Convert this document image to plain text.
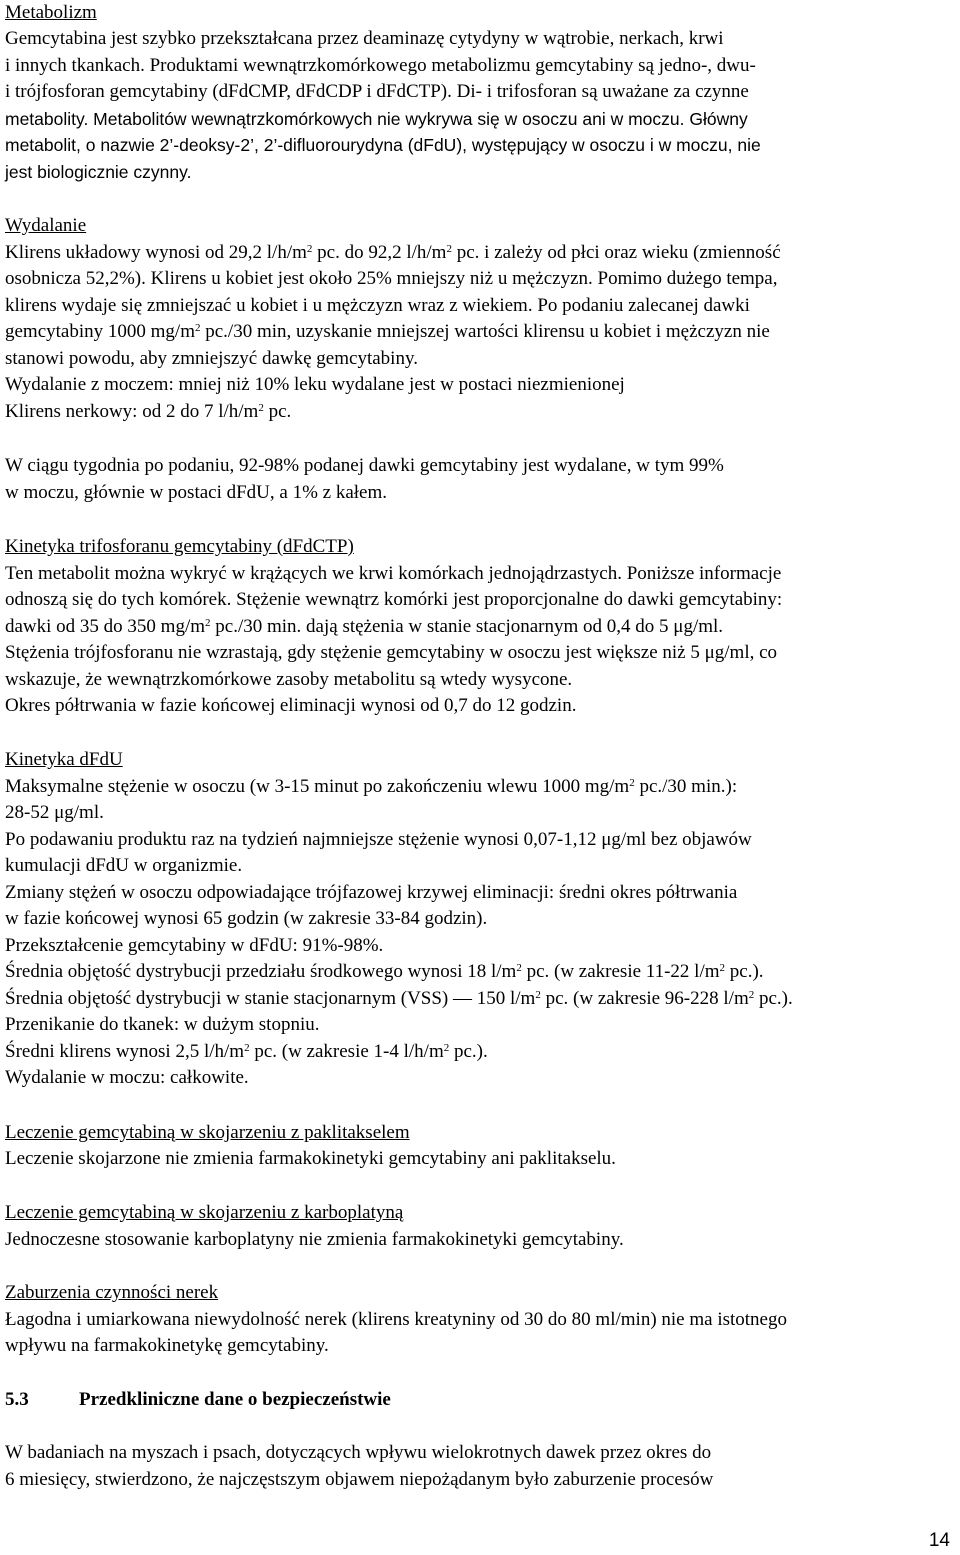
Metabolizm
Gemcytabina jest szybko przekształcana przez deaminazę cytydyny w wątrobie, nerkach, krwi
i innych tkankach. Produktami wewnątrzkomórkowego metabolizmu gemcytabiny są jedno-, dwu-
i trójfosforan gemcytabiny (dFdCMP, dFdCDP i dFdCTP). Di- i trifosforan są uważane za czynne
metabolity. Metabolitów wewnątrzkomórkowych nie wykrywa się w osoczu ani w moczu. Główny
metabolit, o nazwie 2’-deoksy-2’, 2’-difluorourydyna (dFdU), występujący w osoczu i w moczu, nie
jest biologicznie czynny.
Wydalanie
Klirens układowy wynosi od 29,2 $l/h/m^2$ pc. do 92,2 $l/h/m^2$ pc. i zależy od płci oraz wieku (zmienność
osobnicza 52,2%). Klirens u kobiet jest około 25% mniejszy niż u mężczyzn. Pomimo dużego tempa,
klirens wydaje się zmniejszać u kobiet i u mężczyzn wraz z wiekiem. Po podaniu zalecanej dawki
gemcytabiny 1000 $mg/m^2$ pc./30 min, uzyskanie mniejszej wartości klirensu u kobiet i mężczyzn nie
stanowi powodu, aby zmniejszyć dawkę gemcytabiny.
Wydalanie z moczem: mniej niż 10% leku wydalane jest w postaci niezmienionej
Klirens nerkowy: od 2 do 7 $l/h/m^2$ pc.
W ciągu tygodnia po podaniu, 92-98% podanej dawki gemcytabiny jest wydalane, w tym 99%
w moczu, głównie w postaci dFdU, a 1% z kałem.
Kinetyka trifosforanu gemcytabiny (dFdCTP)
Ten metabolit można wykryć w krążących we krwi komórkach jednojądrzastych. Poniższe informacje
odnoszą się do tych komórek. Stężenie wewnątrz komórki jest proporcjonalne do dawki gemcytabiny:
dawki od 35 do 350 $mg/m^2$ pc./30 min. dają stężenia w stanie stacjonarnym od 0,4 do 5 μg/ml.
Stężenia trójfosforanu nie wzrastają, gdy stężenie gemcytabiny w osoczu jest większe niż 5 μg/ml, co
wskazuje, że wewnątrzkomórkowe zasoby metabolitu są wtedy wysycone.
Okres półtrwania w fazie końcowej eliminacji wynosi od 0,7 do 12 godzin.
Kinetyka dFdU
Maksymalne stężenie w osoczu (w 3-15 minut po zakończeniu wlewu 1000 $mg/m^2$ pc./30 min.):
28-52 μg/ml.
Po podawaniu produktu raz na tydzień najmniejsze stężenie wynosi 0,07-1,12 μg/ml bez objawów
kumulacji dFdU w organizmie.
Zmiany stężeń w osoczu odpowiadające trójfazowej krzywej eliminacji: średni okres półtrwania
w fazie końcowej wynosi 65 godzin (w zakresie 33-84 godzin).
Przekształcenie gemcytabiny w dFdU: 91%-98%.
Średnia objętość dystrybucji przedziału środkowego wynosi 18 $l/m^2$ pc. (w zakresie 11-22 $l/m^2$ pc.).
Średnia objętość dystrybucji w stanie stacjonarnym (VSS) — 150 $l/m^2$ pc. (w zakresie 96-228 $l/m^2$ pc.).
Przenikanie do tkanek: w dużym stopniu.
Średni klirens wynosi 2,5 $l/h/m^2$ pc. (w zakresie 1-4 $l/h/m^2$ pc.).
Wydalanie w moczu: całkowite.
Leczenie gemcytabiną w skojarzeniu z paklitakselem
Leczenie skojarzone nie zmienia farmakokinetyki gemcytabiny ani paklitakselu.
Leczenie gemcytabiną w skojarzeniu z karboplatyną
Jednoczesne stosowanie karboplatyny nie zmienia farmakokinetyki gemcytabiny.
Zaburzenia czynności nerek
Łagodna i umiarkowana niewydolność nerek (klirens kreatyniny od 30 do 80 ml/min) nie ma istotnego
wpływu na farmakokinetykę gemcytabiny.
5.3	Przedkliniczne dane o bezpieczeństwie
W badaniach na myszach i psach, dotyczących wpływu wielokrotnych dawek przez okres do
6 miesięcy, stwierdzono, że najczęstszym objawem niepożądanym było zaburzenie procesów
14
